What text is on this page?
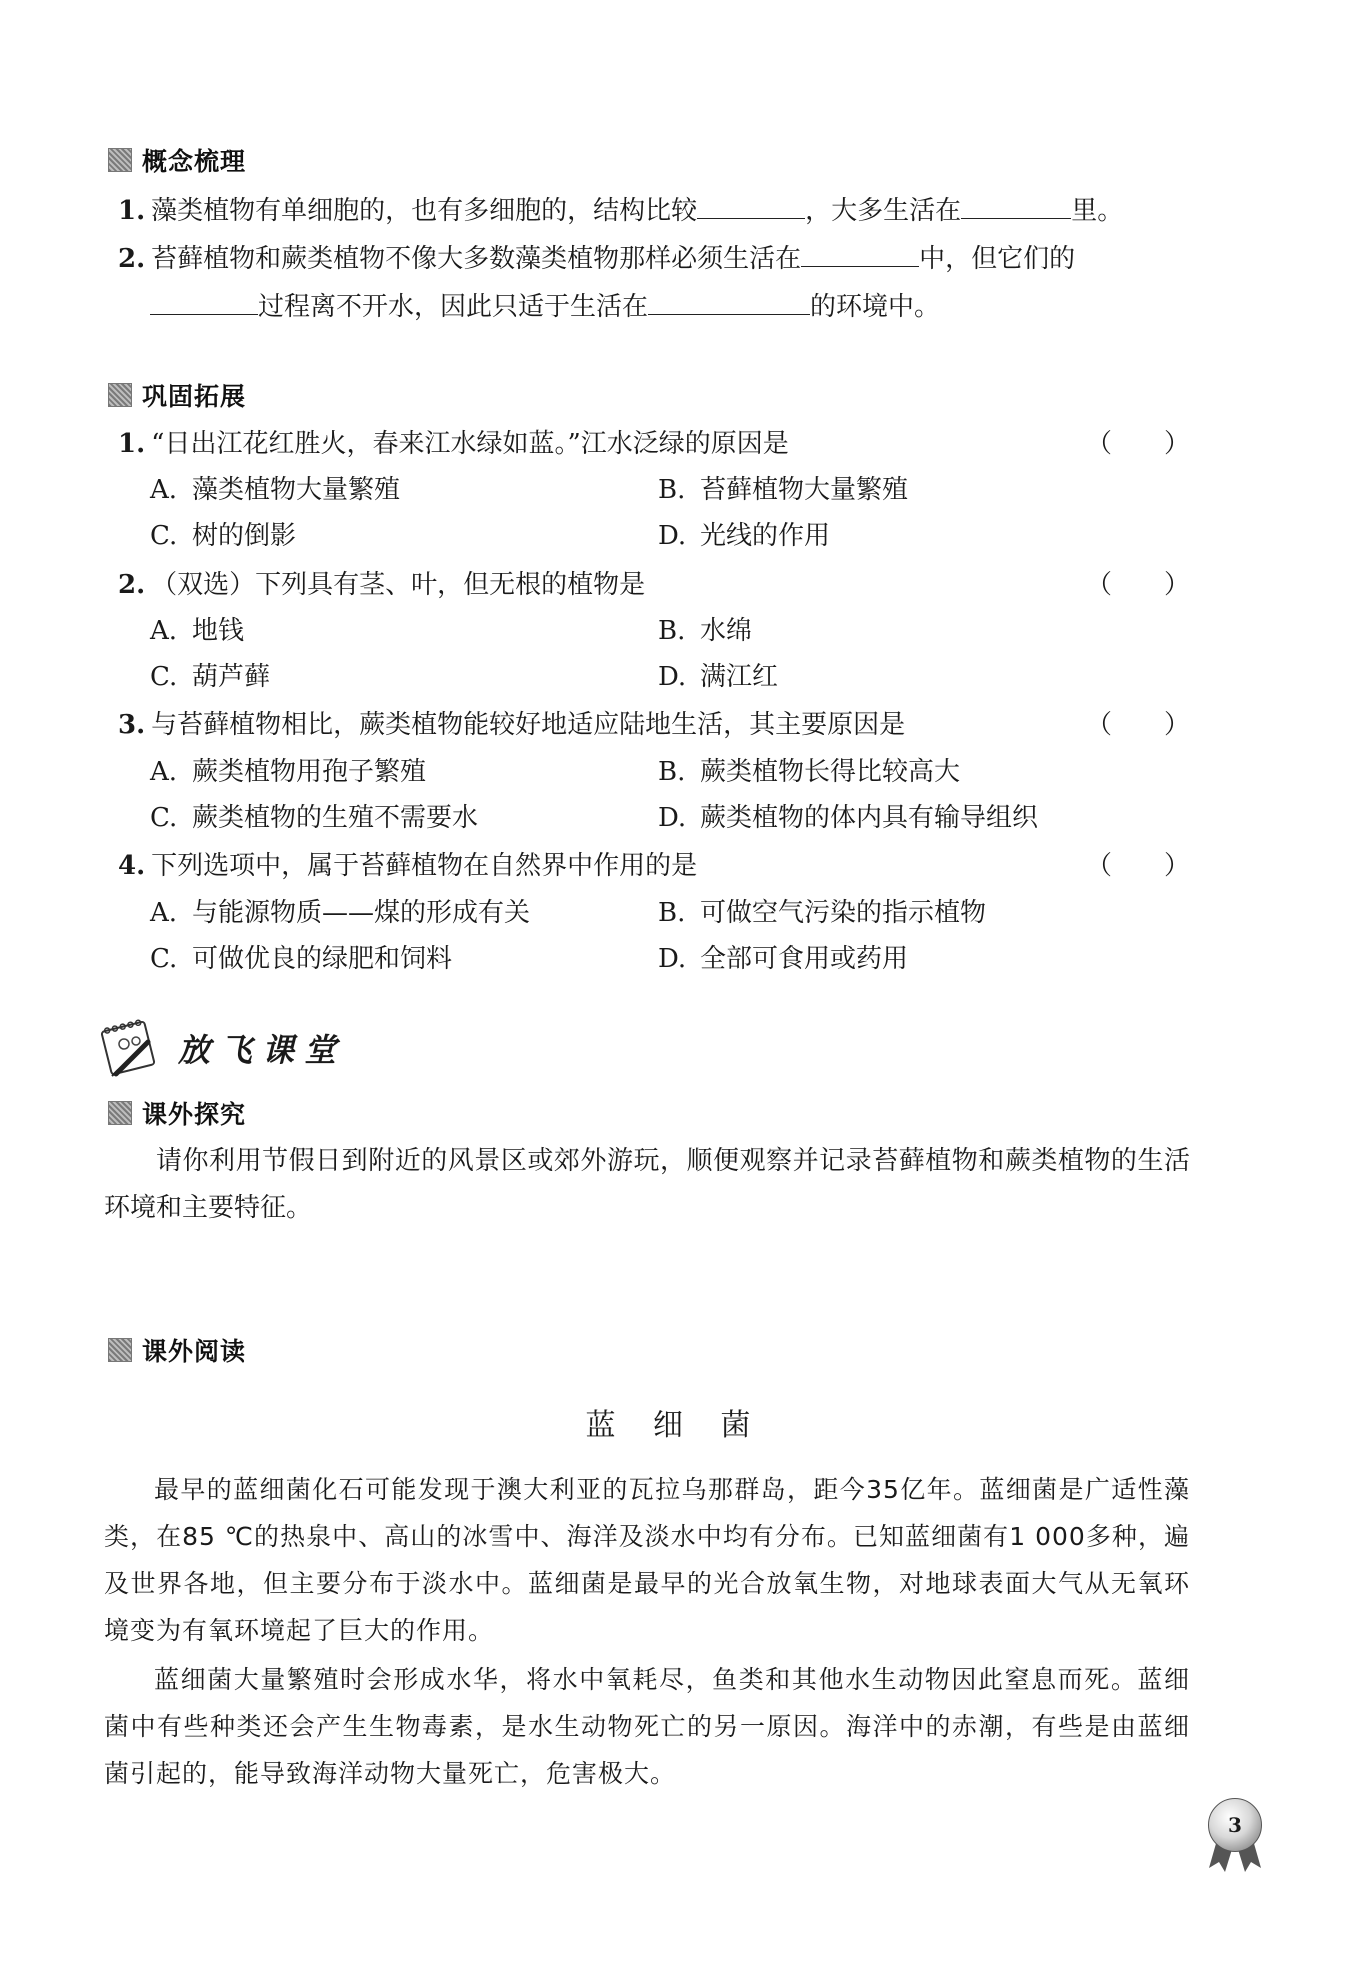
概念梳理
1. 藻类植物有单细胞的，也有多细胞的，结构比较	，大多生活在	里。
2. 苔藓植物和蕨类植物不像大多数藻类植物那样必须生活在	中，但它们的
过程离不开水，因此只适于生活在	的环境中。
巩固拓展
1. “日出江花红胜火，春来江水绿如蓝。”江水泛绿的原因是	（　　）
A. 藻类植物大量繁殖	B. 苔藓植物大量繁殖
C. 树的倒影	D. 光线的作用
2. （双选）下列具有茎、叶，但无根的植物是	（　　）
A. 地钱	B. 水绵
C. 葫芦藓	D. 满江红
3. 与苔藓植物相比，蕨类植物能较好地适应陆地生活，其主要原因是	（　　）
A. 蕨类植物用孢子繁殖	B. 蕨类植物长得比较高大
C. 蕨类植物的生殖不需要水	D. 蕨类植物的体内具有输导组织
4. 下列选项中，属于苔藓植物在自然界中作用的是	（　　）
A. 与能源物质——煤的形成有关	B. 可做空气污染的指示植物
C. 可做优良的绿肥和饲料	D. 全部可食用或药用
放飞课堂
课外探究
请你利用节假日到附近的风景区或郊外游玩，顺便观察并记录苔藓植物和蕨类植物的生活环境和主要特征。
课外阅读
蓝 细 菌
最早的蓝细菌化石可能发现于澳大利亚的瓦拉乌那群岛，距今35亿年。蓝细菌是广适性藻类，在85 ℃的热泉中、高山的冰雪中、海洋及淡水中均有分布。已知蓝细菌有1 000多种，遍及世界各地，但主要分布于淡水中。蓝细菌是最早的光合放氧生物，对地球表面大气从无氧环境变为有氧环境起了巨大的作用。
蓝细菌大量繁殖时会形成水华，将水中氧耗尽，鱼类和其他水生动物因此窒息而死。蓝细菌中有些种类还会产生生物毒素，是水生动物死亡的另一原因。海洋中的赤潮，有些是由蓝细菌引起的，能导致海洋动物大量死亡，危害极大。
3
